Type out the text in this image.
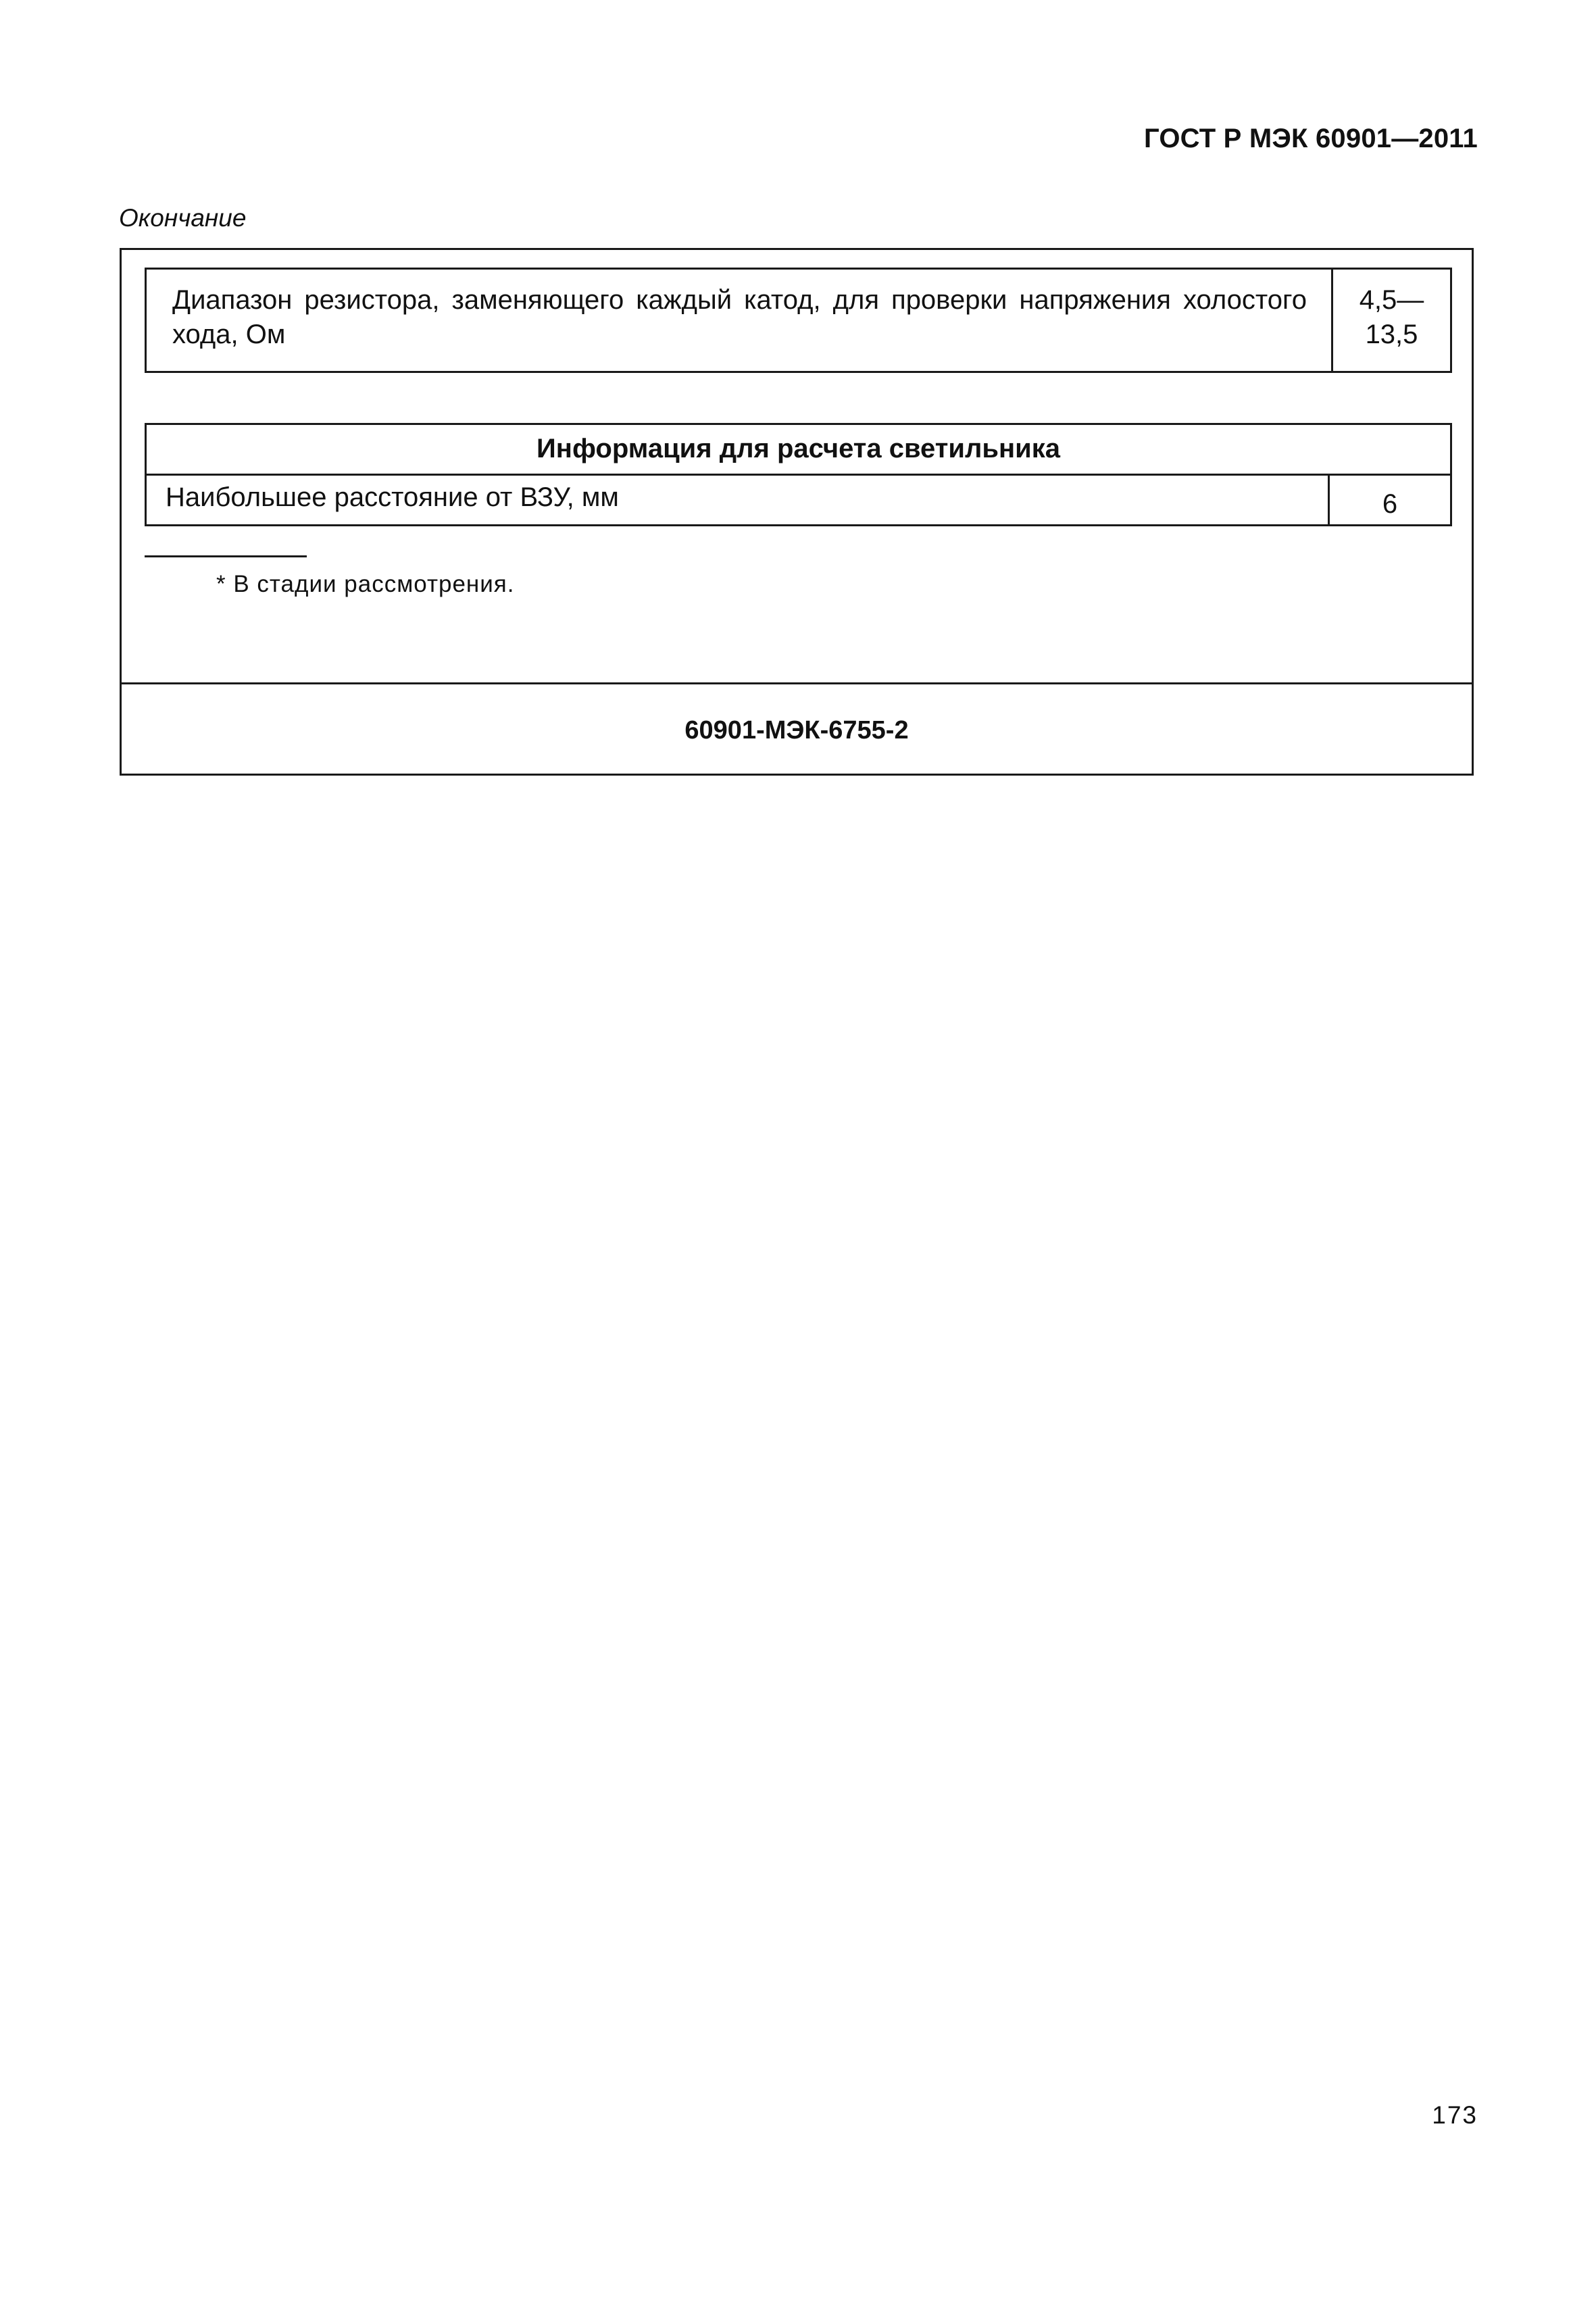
ГОСТ Р МЭК 60901—2011
Окончание
Диапазон резистора, заменяющего каждый катод, для проверки напряжения холостого хода, Ом
4,5—
13,5
Информация для расчета светильника
Наибольшее расстояние от ВЗУ, мм	6
* В стадии рассмотрения.
60901-МЭК-6755-2
173
